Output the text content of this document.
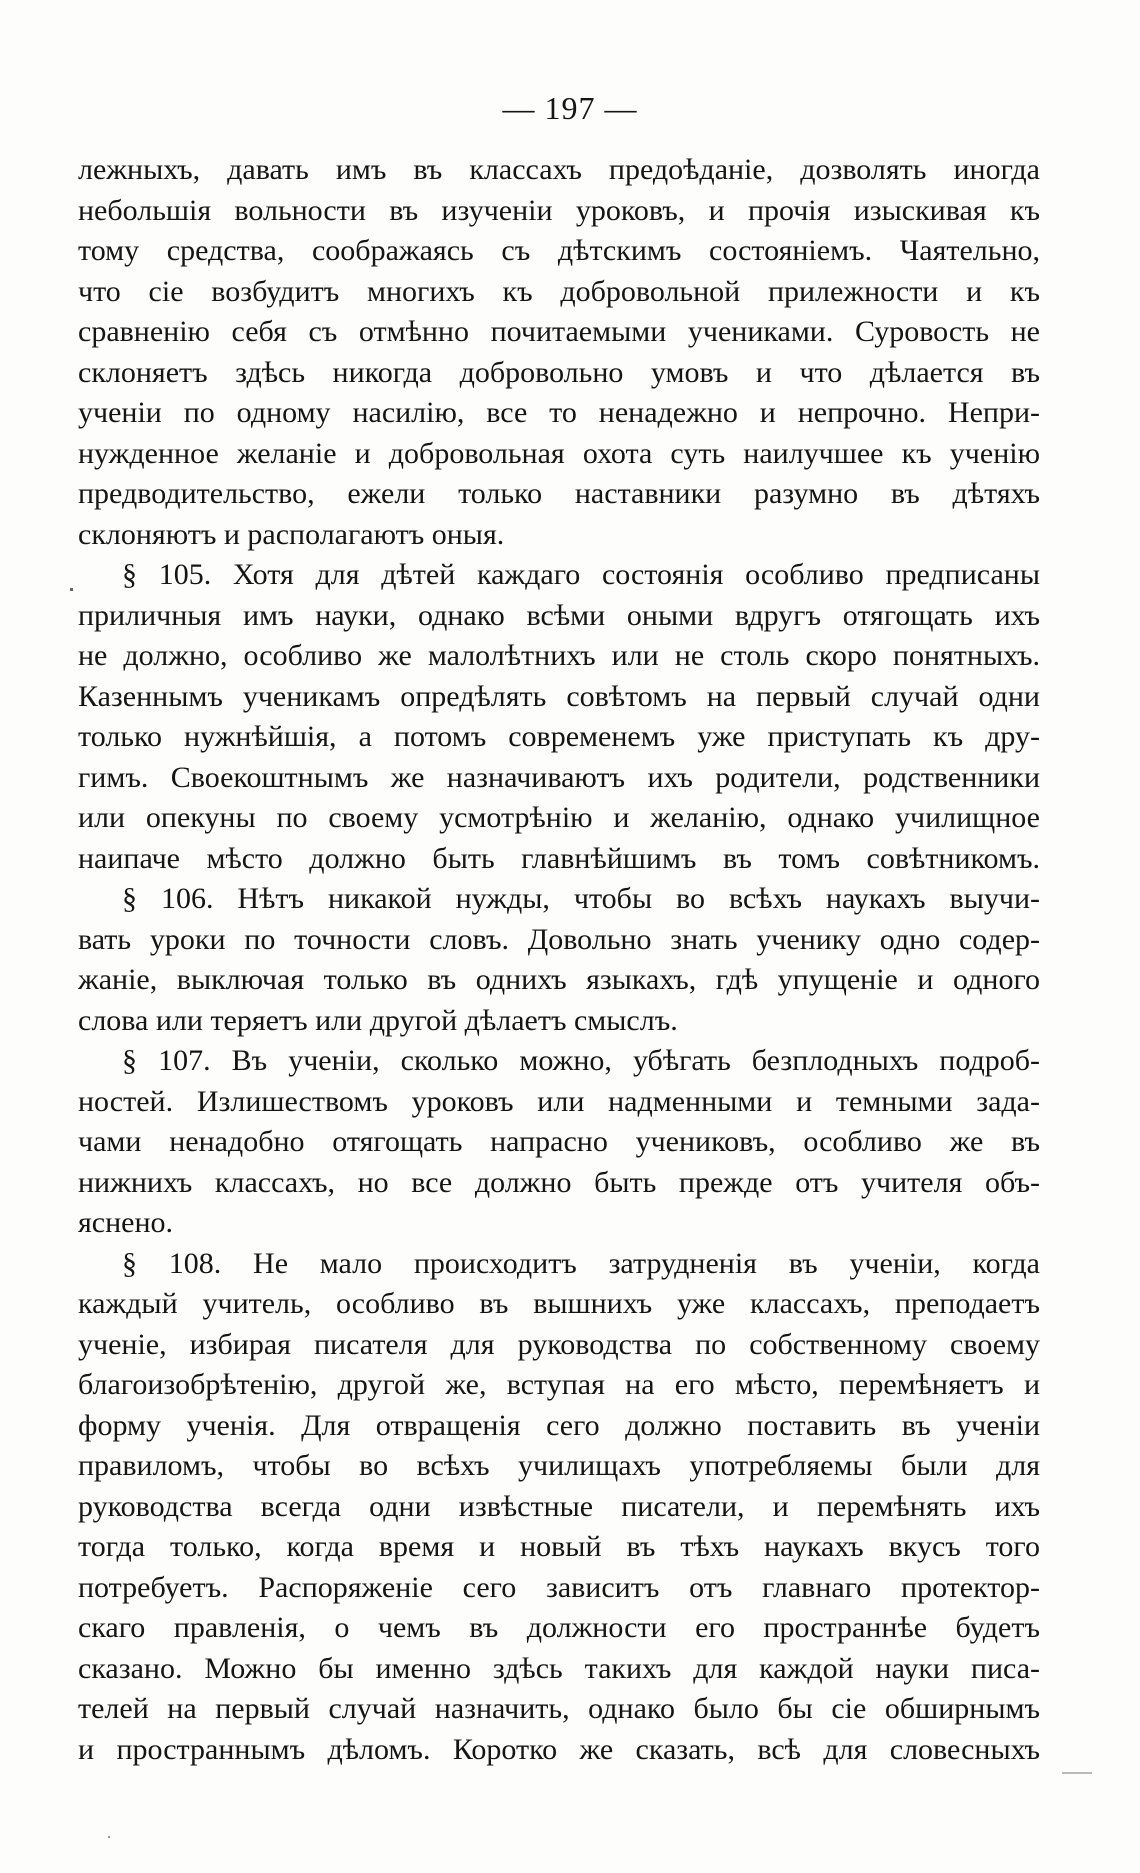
— 197 —
лежныхъ, давать имъ въ классахъ предоѣданіе, дозволять иногда
небольшія вольности въ изученіи уроковъ, и прочія изыскивая къ
тому средства, соображаясь съ дѣтскимъ состояніемъ. Чаятельно,
что сіе возбудитъ многихъ къ добровольной прилежности и къ
сравненію себя съ отмѣнно почитаемыми учениками. Суровость не
склоняетъ здѣсь никогда добровольно умовъ и что дѣлается въ
ученіи по одному насилію, все то ненадежно и непрочно. Непри-
нужденное желаніе и добровольная охота суть наилучшее къ ученію
предводительство, ежели только наставники разумно въ дѣтяхъ
склоняютъ и располагаютъ оныя.
§ 105. Хотя для дѣтей каждаго состоянія особливо предписаны
приличныя имъ науки, однако всѣми оными вдругъ отягощать ихъ
не должно, особливо же малолѣтнихъ или не столь скоро понятныхъ.
Казеннымъ ученикамъ опредѣлять совѣтомъ на первый случай одни
только нужнѣйшія, а потомъ современемъ уже приступать къ дру-
гимъ. Своекоштнымъ же назначиваютъ ихъ родители, родственники
или опекуны по своему усмотрѣнію и желанію, однако училищное
наипаче мѣсто должно быть главнѣйшимъ въ томъ совѣтникомъ.
§ 106. Нѣтъ никакой нужды, чтобы во всѣхъ наукахъ выучи-
вать уроки по точности словъ. Довольно знать ученику одно содер-
жаніе, выключая только въ однихъ языкахъ, гдѣ упущеніе и одного
слова или теряетъ или другой дѣлаетъ смыслъ.
§ 107. Въ ученіи, сколько можно, убѣгать безплодныхъ подроб-
ностей. Излишествомъ уроковъ или надменными и темными зада-
чами ненадобно отягощать напрасно учениковъ, особливо же въ
нижнихъ классахъ, но все должно быть прежде отъ учителя объ-
яснено.
§ 108. Не мало происходитъ затрудненія въ ученіи, когда
каждый учитель, особливо въ вышнихъ уже классахъ, преподаетъ
ученіе, избирая писателя для руководства по собственному своему
благоизобрѣтенію, другой же, вступая на его мѣсто, перемѣняетъ и
форму ученія. Для отвращенія сего должно поставить въ ученіи
правиломъ, чтобы во всѣхъ училищахъ употребляемы были для
руководства всегда одни извѣстные писатели, и перемѣнять ихъ
тогда только, когда время и новый въ тѣхъ наукахъ вкусъ того
потребуетъ. Распоряженіе сего зависитъ отъ главнаго протектор-
скаго правленія, о чемъ въ должности его пространнѣе будетъ
сказано. Можно бы именно здѣсь такихъ для каждой науки писа-
телей на первый случай назначить, однако было бы сіе обширнымъ
и пространнымъ дѣломъ. Коротко же сказать, всѣ для словесныхъ
